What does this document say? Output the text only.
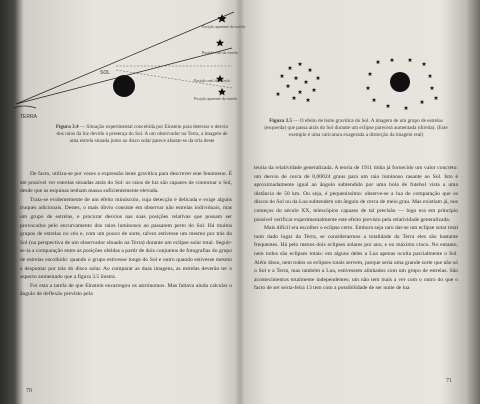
SOL
Posição aparente da estrela
Posição real da estrela
Posição real da estrela
Posição aparente da estrela
TERRA
Figura 3.4 — Situação experimental concebida por Einstein para detectar o desvio dos raios da luz devido à presença do Sol. A um observador na Terra, a imagem de uma estrela situada junto ao disco solar parece afastar-se da orla deste

De facto, utiliza-se por vezes a expressão lente gravítica para descrever este fenómeno. É até possível ver estrelas situadas atrás do Sol: os raios de luz são capazes de contornar o Sol, desde que as esquinas tenham massa suficientemente elevada.

Trata-se evidentemente de um efeito minúsculo, cuja detecção é delicada e exige alguns truques adicionais. Destes, o mais óbvio consiste em observar não estrelas individuais, mas um grupo de estrelas, e procurar desvios nas suas posições relativas que possam ser provocados pelo encurvamento dos raios luminosos ao passarem perto do Sol. Há muitos grupos de estrelas no céu e, com um pouco de sorte, talvez estivesse um mesmo por trás do Sol (na perspectiva de um observador situado na Terra) durante um eclipse solar total. Seguir-se-ia a comparação entre as posições obtidas a partir de dois conjuntos de fotografias do grupo de estrelas escolhido: quando o grupo estivesse longe do Sol e outro quando estivesse mesmo a despontar por trás do disco solar. Ao comparar as duas imagens, as estrelas deverão ter o aspecto aumentado que a figura 3.5 ilustra.

Foi esta a tarefa de que Einstein encarregou os astrónomos. Mas faltava ainda calcular o ângulo de deflexão previsto pela

70
Figura 3.5 — O efeito de lente gravítica do Sol. A imagem de um grupo de estrelas (esquerda) que passa atrás do Sol durante um eclipse parecerá aumentada (direita). (Este exemplo é uma caricatura exagerada a distorção da imagem real)

teoria da relatividade generalizada. A teoria de 1911 tinha já fornecido um valor concreto: um desvio de cerca de 0,00024 graus para um raio luminoso rasante ao Sol. Isto é aproximadamente igual ao ângulo subtendido por uma bola de futebol vista a uma distância de 50 km. Ou seja, é pequeníssimo: observe-se a lua de comparação que os discos do Sol ou da Lua subtendem um ângulo de cerca de meio grau. Mas existiam já, nos começos do século XX, telescópios capazes de tal precisão — logo era em princípio possível verificar experimentalmente este efeito previsto pela relatividade generalizada.

Mais difícil era escolher o eclipse certo. Embora seja raro dar-se um eclipse solar total num dado lugar da Terra, se considerarmos a totalidade da Terra eles são bastante frequentes. Há pelo menos dois eclipses solares por ano, e no máximo cinco. No entanto, nem todos são eclipses totais: em alguns deles a Lua apenas oculta parcialmente o Sol. Além disso, nem todos os eclipses totais servem, porque seria uma grande sorte que não só o Sol e a Terra, mas também a Lua, estivessem alinhados com um grupo de estrelas. São acontecimentos totalmente independentes; um não tem mais a ver com o outro do que o facto de ser sexta-feira 13 tem com a possibilidade de ser noite de lua

71
